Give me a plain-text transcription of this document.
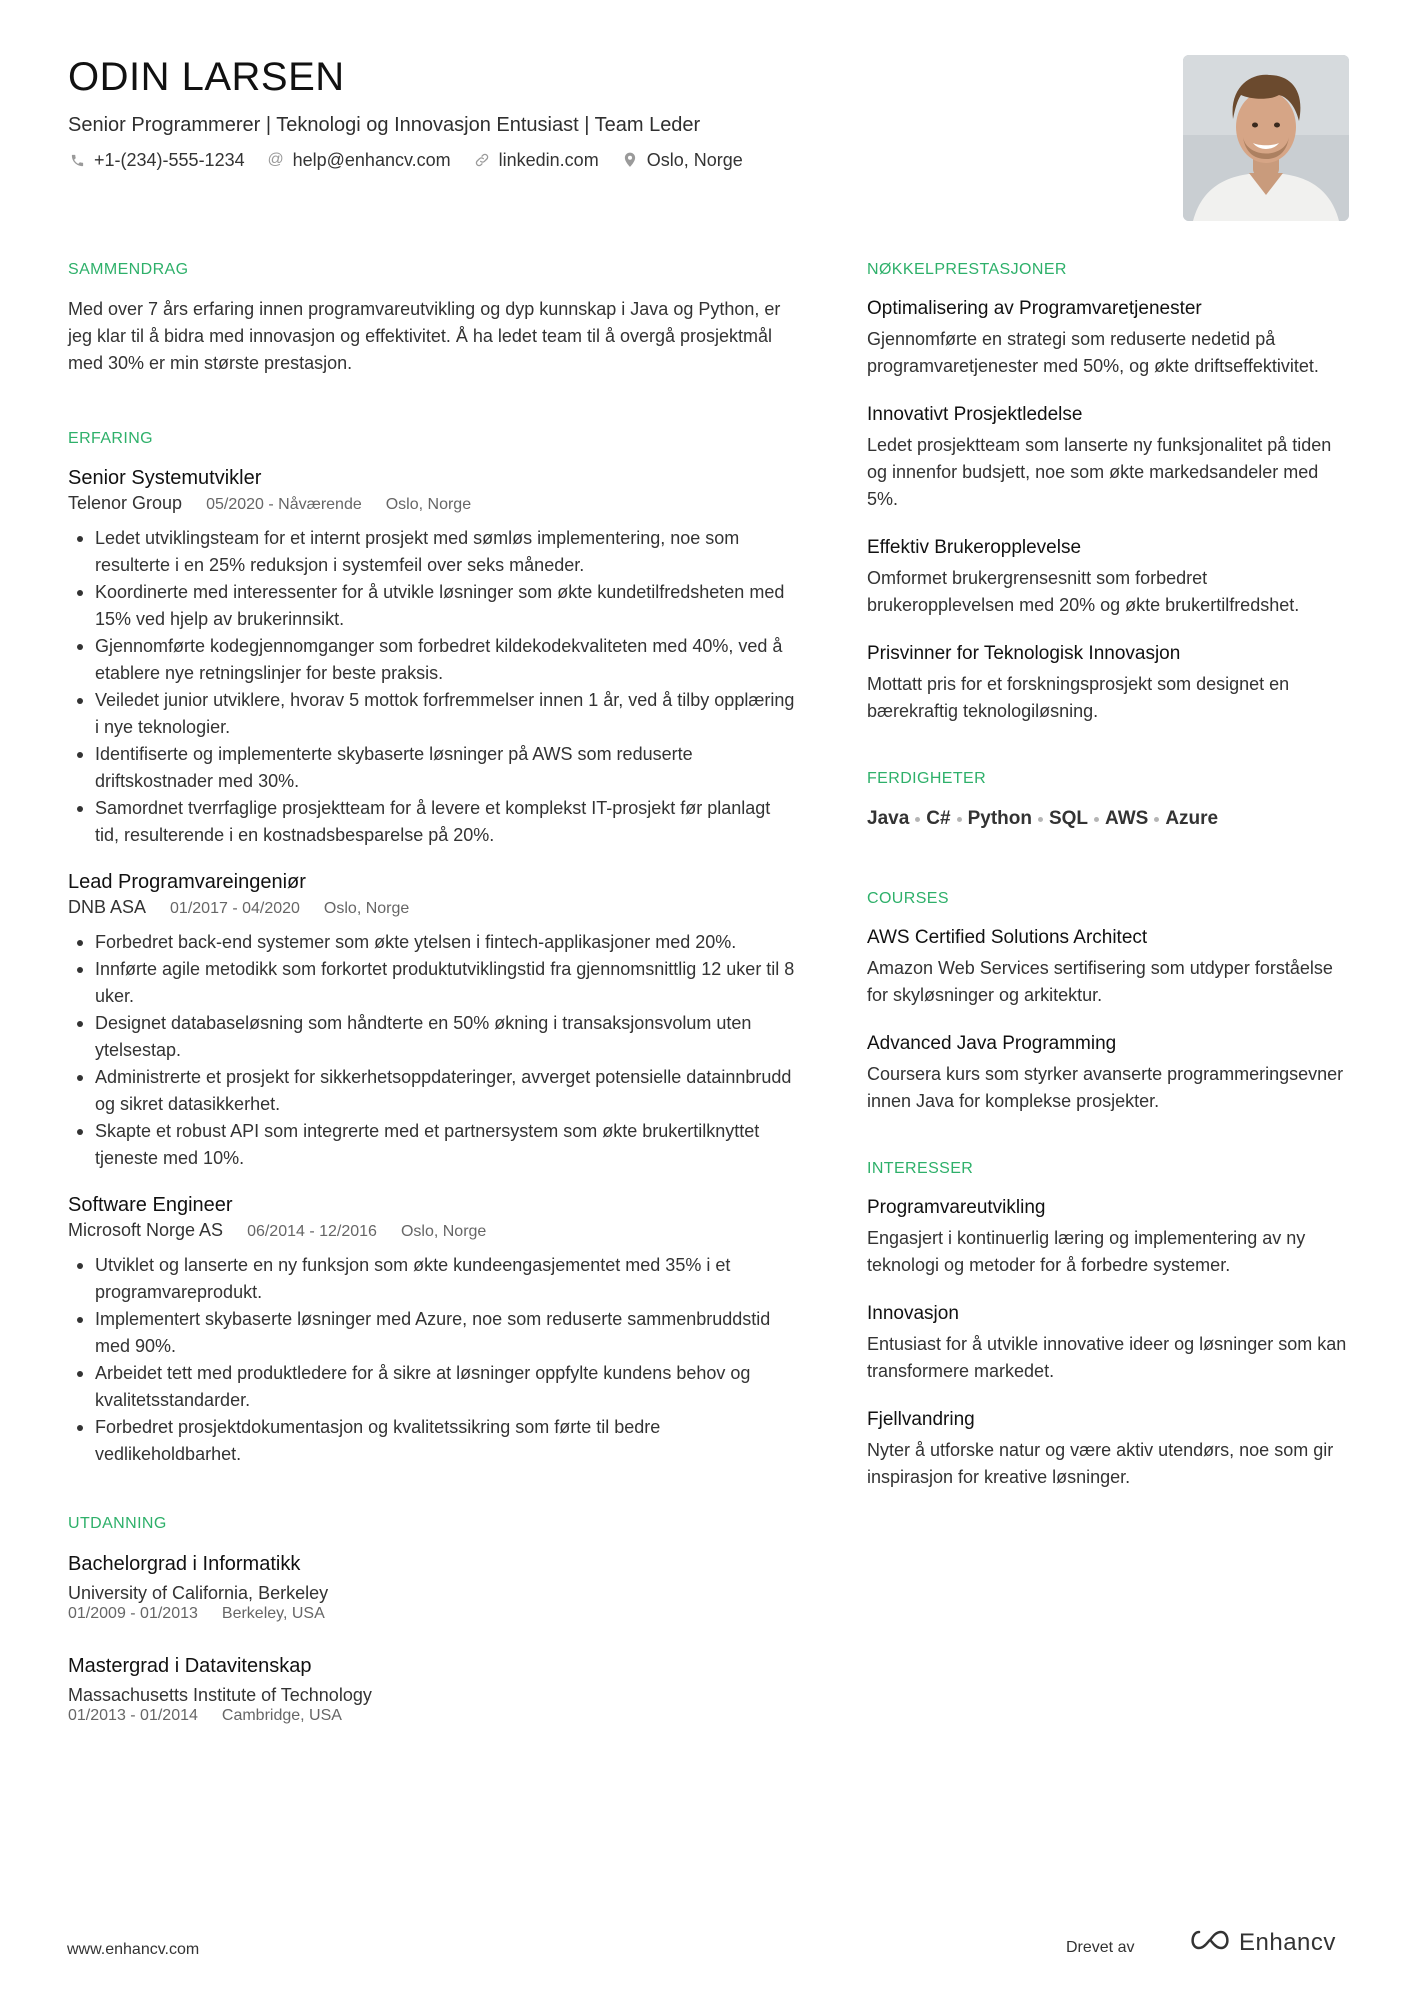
ODIN LARSEN
Senior Programmerer | Teknologi og Innovasjon Entusiast | Team Leder
+1-(234)-555-1234 @ help@enhancv.com	linkedin.com	Oslo, Norge
SAMMENDRAG
Med over 7 års erfaring innen programvareutvikling og dyp kunnskap i Java og Python, er jeg klar til å bidra med innovasjon og effektivitet. Å ha ledet team til å overgå prosjektmål med 30% er min største prestasjon.
ERFARING
Senior Systemutvikler
Telenor Group 05/2020 - Nåværende Oslo, Norge
Ledet utviklingsteam for et internt prosjekt med sømløs implementering, noe som resulterte i en 25% reduksjon i systemfeil over seks måneder.
Koordinerte med interessenter for å utvikle løsninger som økte kundetilfredsheten med 15% ved hjelp av brukerinnsikt.
Gjennomførte kodegjennomganger som forbedret kildekodekvaliteten med 40%, ved å etablere nye retningslinjer for beste praksis.
Veiledet junior utviklere, hvorav 5 mottok forfremmelser innen 1 år, ved å tilby opplæring i nye teknologier.
Identifiserte og implementerte skybaserte løsninger på AWS som reduserte driftskostnader med 30%.
Samordnet tverrfaglige prosjektteam for å levere et komplekst IT-prosjekt før planlagt tid, resulterende i en kostnadsbesparelse på 20%.
Lead Programvareingeniør
DNB ASA 01/2017 - 04/2020 Oslo, Norge
Forbedret back-end systemer som økte ytelsen i fintech-applikasjoner med 20%.
Innførte agile metodikk som forkortet produktutviklingstid fra gjennomsnittlig 12 uker til 8 uker.
Designet databaseløsning som håndterte en 50% økning i transaksjonsvolum uten ytelsestap.
Administrerte et prosjekt for sikkerhetsoppdateringer, avverget potensielle datainnbrudd og sikret datasikkerhet.
Skapte et robust API som integrerte med et partnersystem som økte brukertilknyttet tjeneste med 10%.
Software Engineer
Microsoft Norge AS 06/2014 - 12/2016 Oslo, Norge
Utviklet og lanserte en ny funksjon som økte kundeengasjementet med 35% i et programvareprodukt.
Implementert skybaserte løsninger med Azure, noe som reduserte sammenbruddstid med 90%.
Arbeidet tett med produktledere for å sikre at løsninger oppfylte kundens behov og kvalitetsstandarder.
Forbedret prosjektdokumentasjon og kvalitetssikring som førte til bedre vedlikeholdbarhet.
UTDANNING
Bachelorgrad i Informatikk
University of California, Berkeley
01/2009 - 01/2013 Berkeley, USA
Mastergrad i Datavitenskap
Massachusetts Institute of Technology
01/2013 - 01/2014 Cambridge, USA
NØKKELPRESTASJONER
Optimalisering av Programvaretjenester
Gjennomførte en strategi som reduserte nedetid på programvaretjenester med 50%, og økte driftseffektivitet.
Innovativt Prosjektledelse
Ledet prosjektteam som lanserte ny funksjonalitet på tiden og innenfor budsjett, noe som økte markedsandeler med 5%.
Effektiv Brukeropplevelse
Omformet brukergrensesnitt som forbedret brukeropplevelsen med 20% og økte brukertilfredshet.
Prisvinner for Teknologisk Innovasjon
Mottatt pris for et forskningsprosjekt som designet en bærekraftig teknologiløsning.
FERDIGHETER
Java C# Python SQL AWS Azure
COURSES
AWS Certified Solutions Architect
Amazon Web Services sertifisering som utdyper forståelse for skyløsninger og arkitektur.
Advanced Java Programming
Coursera kurs som styrker avanserte programmeringsevner innen Java for komplekse prosjekter.
INTERESSER
Programvareutvikling
Engasjert i kontinuerlig læring og implementering av ny teknologi og metoder for å forbedre systemer.
Innovasjon
Entusiast for å utvikle innovative ideer og løsninger som kan transformere markedet.
Fjellvandring
Nyter å utforske natur og være aktiv utendørs, noe som gir inspirasjon for kreative løsninger.
www.enhancv.com	Drevet av	Enhancv
